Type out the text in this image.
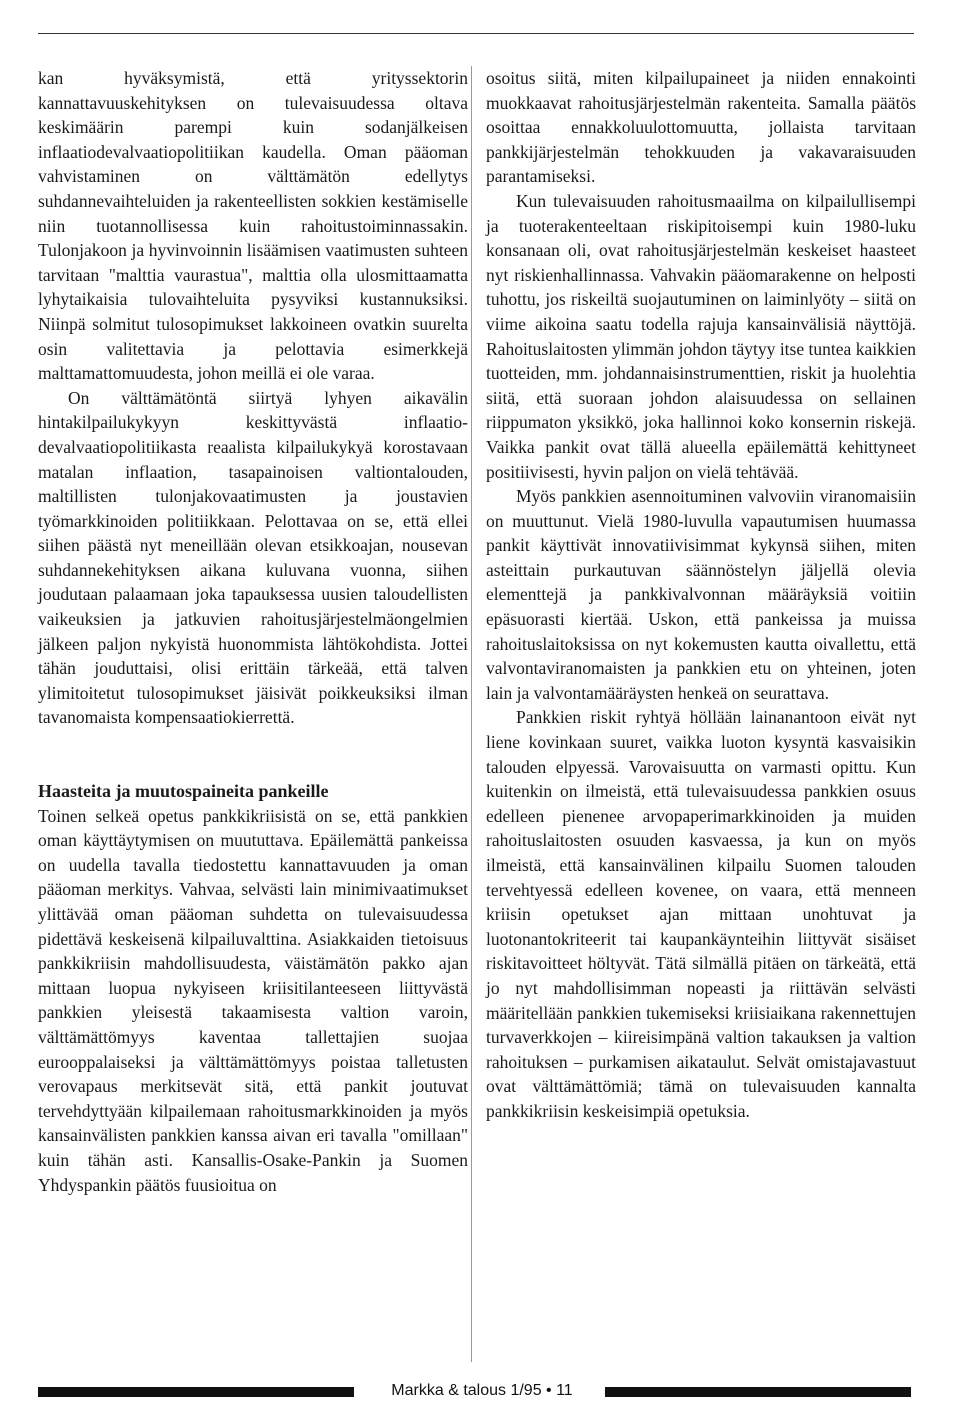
kan hyväksymistä, että yrityssektorin kannattavuuskehityksen on tulevaisuudessa oltava keskimäärin parempi kuin sodanjälkeisen inflaatiodevalvaatiopolitiikan kaudella. Oman pääoman vahvistaminen on välttämätön edellytys suhdannevaihteluiden ja rakenteellisten sokkien kestämiselle niin tuotannollisessa kuin rahoitustoiminnassakin. Tulonjakoon ja hyvinvoinnin lisäämisen vaatimusten suhteen tarvitaan "malttia vaurastua", malttia olla ulosmittaamatta lyhytaikaisia tulovaihteluita pysyviksi kustannuksiksi. Niinpä solmitut tulosopimukset lakkoineen ovatkin suurelta osin valitettavia ja pelottavia esimerkkejä malttamattomuudesta, johon meillä ei ole varaa.

On välttämätöntä siirtyä lyhyen aikavälin hintakilpailukykyyn keskittyvästä inflaatio-devalvaatiopolitiikasta reaalista kilpailukykyä korostavaan matalan inflaation, tasapainoisen valtiontalouden, maltillisten tulonjakovaatimusten ja joustavien työmarkkinoiden politiikkaan. Pelottavaa on se, että ellei siihen päästä nyt meneillään olevan etsikkoajan, nousevan suhdannekehityksen aikana kuluvana vuonna, siihen joudutaan palaamaan joka tapauksessa uusien taloudellisten vaikeuksien ja jatkuvien rahoitusjärjestelmäongelmien jälkeen paljon nykyistä huonommista lähtökohdista. Jottei tähän jouduttaisi, olisi erittäin tärkeää, että talven ylimitoitetut tulosopimukset jäisivät poikkeuksiksi ilman tavanomaista kompensaatiokierrettä.

Haasteita ja muutospaineita pankeille

Toinen selkeä opetus pankkikriisistä on se, että pankkien oman käyttäytymisen on muututtava. Epäilemättä pankeissa on uudella tavalla tiedostettu kannattavuuden ja oman pääoman merkitys. Vahvaa, selvästi lain minimivaatimukset ylittävää oman pääoman suhdetta on tulevaisuudessa pidettävä keskeisenä kilpailuvalttina. Asiakkaiden tietoisuus pankkikriisin mahdollisuudesta, väistämätön pakko ajan mittaan luopua nykyiseen kriisitilanteeseen liittyvästä pankkien yleisestä takaamisesta valtion varoin, välttämättömyys kaventaa tallettajien suojaa eurooppalaiseksi ja välttämättömyys poistaa talletusten verovapaus merkitsevät sitä, että pankit joutuvat tervehdyttyään kilpailemaan rahoitusmarkkinoiden ja myös kansainvälisten pankkien kanssa aivan eri tavalla "omillaan" kuin tähän asti. Kansallis-Osake-Pankin ja Suomen Yhdyspankin päätös fuusioitua on

osoitus siitä, miten kilpailupaineet ja niiden ennakointi muokkaavat rahoitusjärjestelmän rakenteita. Samalla päätös osoittaa ennakkoluulottomuutta, jollaista tarvitaan pankkijärjestelmän tehokkuuden ja vakavaraisuuden parantamiseksi.

Kun tulevaisuuden rahoitusmaailma on kilpailullisempi ja tuoterakenteeltaan riskipitoisempi kuin 1980-luku konsanaan oli, ovat rahoitusjärjestelmän keskeiset haasteet nyt riskienhallinnassa. Vahvakin pääomarakenne on helposti tuhottu, jos riskeiltä suojautuminen on laiminlyöty – siitä on viime aikoina saatu todella rajuja kansainvälisiä näyttöjä. Rahoituslaitosten ylimmän johdon täytyy itse tuntea kaikkien tuotteiden, mm. johdannaisinstrumenttien, riskit ja huolehtia siitä, että suoraan johdon alaisuudessa on sellainen riippumaton yksikkö, joka hallinnoi koko konsernin riskejä. Vaikka pankit ovat tällä alueella epäilemättä kehittyneet positiivisesti, hyvin paljon on vielä tehtävää.

Myös pankkien asennoituminen valvoviin viranomaisiin on muuttunut. Vielä 1980-luvulla vapautumisen huumassa pankit käyttivät innovatiivisimmat kykynsä siihen, miten asteittain purkautuvan säännöstelyn jäljellä olevia elementtejä ja pankkivalvonnan määräyksiä voitiin epäsuorasti kiertää. Uskon, että pankeissa ja muissa rahoituslaitoksissa on nyt kokemusten kautta oivallettu, että valvontaviranomaisten ja pankkien etu on yhteinen, joten lain ja valvontamääräysten henkeä on seurattava.

Pankkien riskit ryhtyä höllään lainanantoon eivät nyt liene kovinkaan suuret, vaikka luoton kysyntä kasvaisikin talouden elpyessä. Varovaisuutta on varmasti opittu. Kun kuitenkin on ilmeistä, että tulevaisuudessa pankkien osuus edelleen pienenee arvopaperimarkkinoiden ja muiden rahoituslaitosten osuuden kasvaessa, ja kun on myös ilmeistä, että kansainvälinen kilpailu Suomen talouden tervehtyessä edelleen kovenee, on vaara, että menneen kriisin opetukset ajan mittaan unohtuvat ja luotonantokriteerit tai kaupankäynteihin liittyvät sisäiset riskitavoitteet höltyvät. Tätä silmällä pitäen on tärkeätä, että jo nyt mahdollisimman nopeasti ja riittävän selvästi määritellään pankkien tukemiseksi kriisiaikana rakennettujen turvaverkkojen – kiireisimpänä valtion takauksen ja valtion rahoituksen – purkamisen aikataulut. Selvät omistajavastuut ovat välttämättömiä; tämä on tulevaisuuden kannalta pankkikriisin keskeisimpiä opetuksia.

Markka & talous 1/95 • 11
